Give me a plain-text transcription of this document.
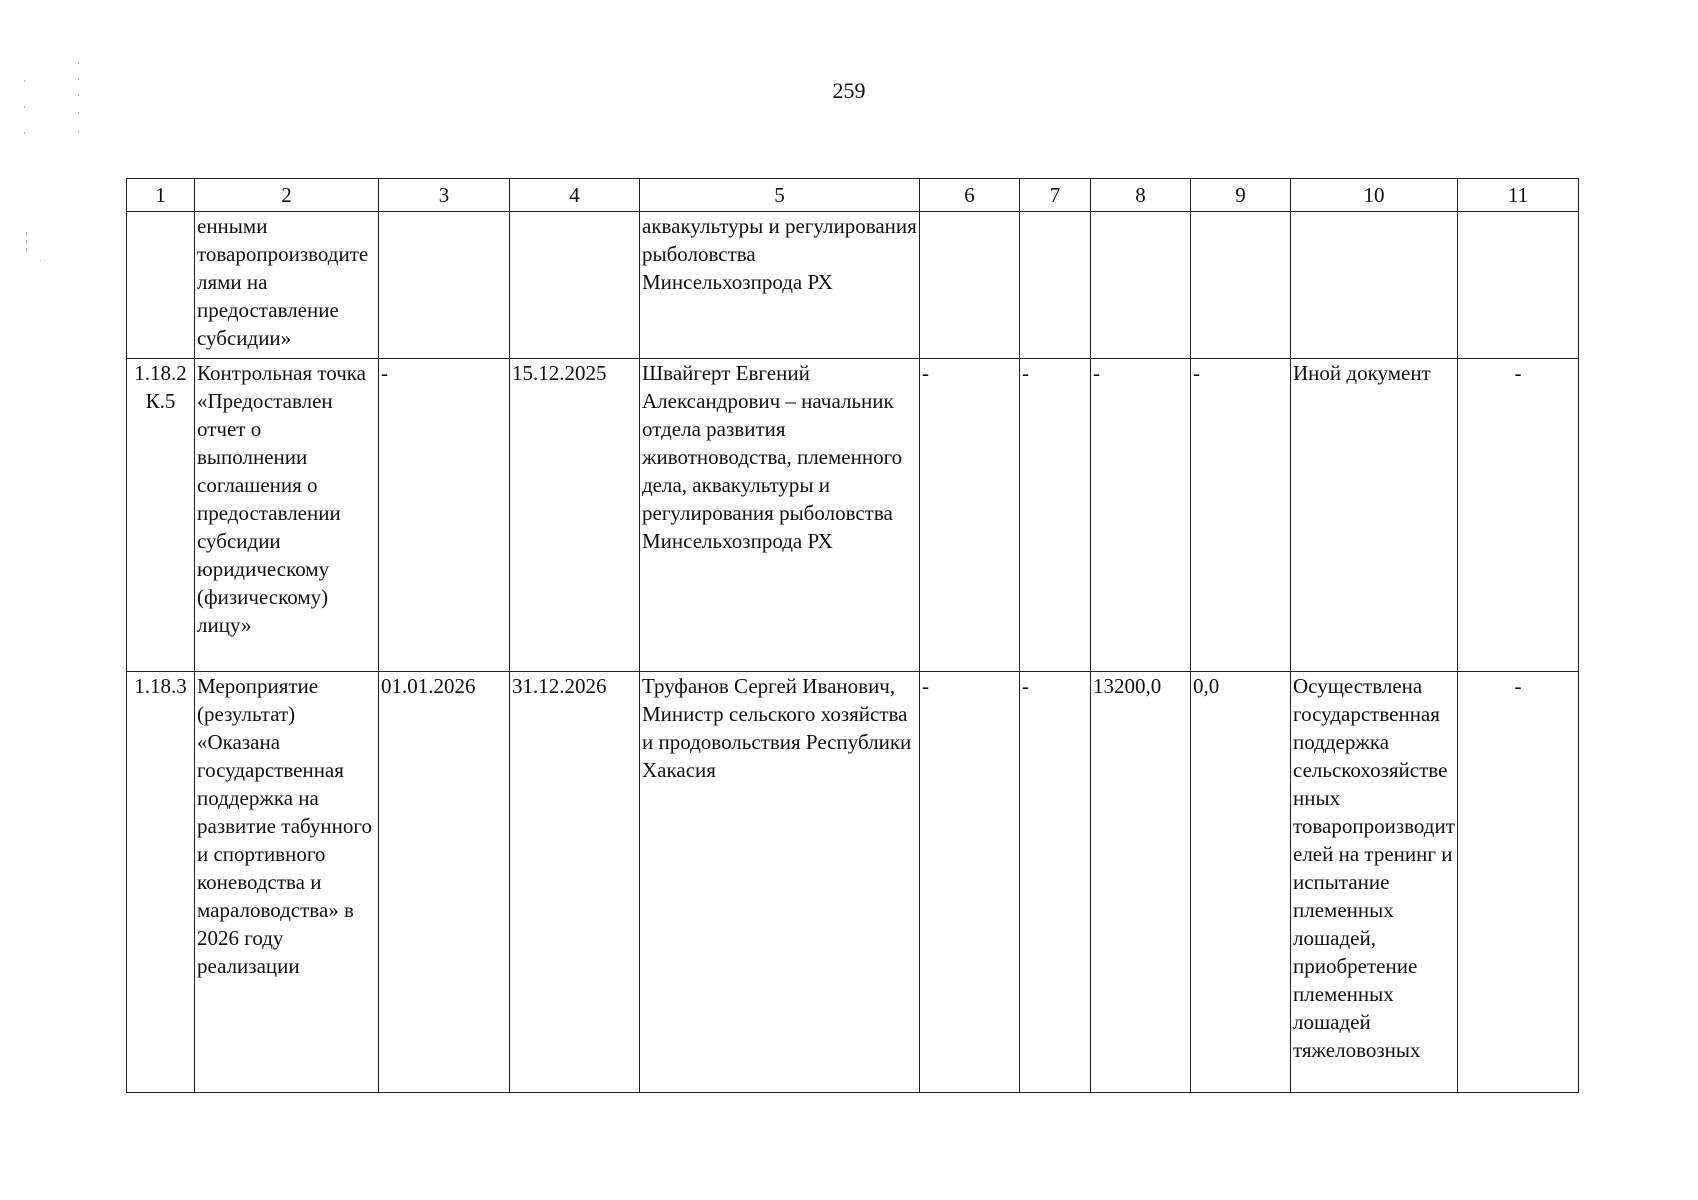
259
1	2	3	4	5	6	7	8	9	10	11
	енными товаропроизводителями на предоставление субсидии»			аквакультуры и регулирования рыболовства Минсельхозпрода РХ						
1.18.2 К.5	Контрольная точка «Предоставлен отчет о выполнении соглашения о предоставлении субсидии юридическому (физическому) лицу»	-	15.12.2025	Швайгерт Евгений Александрович – начальник отдела развития животноводства, племенного дела, аквакультуры и регулирования рыболовства Минсельхозпрода РХ	-	-	-	-	Иной документ	-
1.18.3	Мероприятие (результат) «Оказана государственная поддержка на развитие табунного и спортивного коневодства и мараловодства» в 2026 году реализации	01.01.2026	31.12.2026	Труфанов Сергей Иванович, Министр сельского хозяйства и продовольствия Республики Хакасия	-	-	13200,0	0,0	Осуществлена государственная поддержка сельскохозяйственных товаропроизводителей на тренинг и испытание племенных лошадей, приобретение племенных лошадей тяжеловозных	-
